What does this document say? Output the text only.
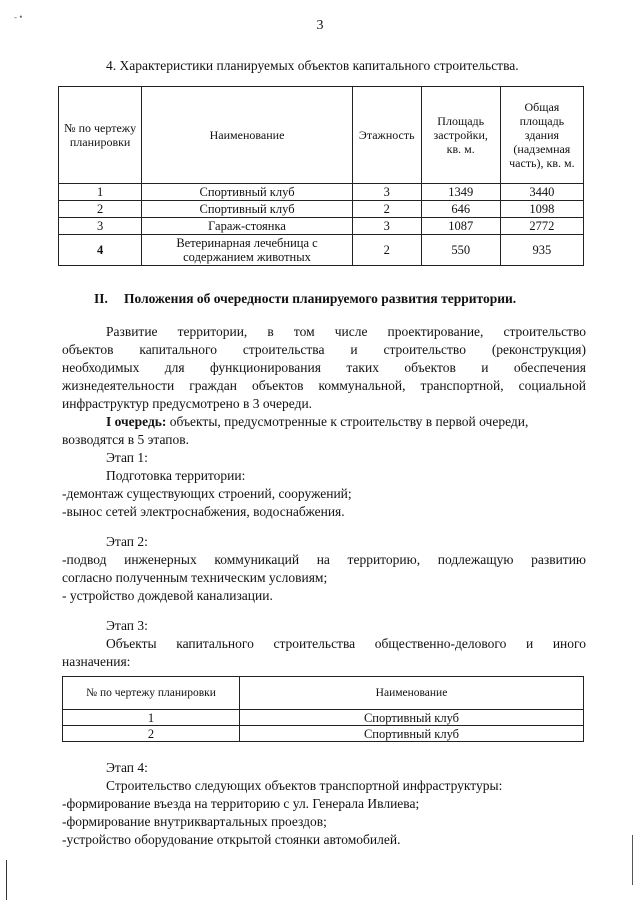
- •
3
4. Характеристики планируемых объектов капитального строительства.
№ по чертежу планировки	Наименование	Этажность	Площадь застройки, кв. м.	Общая площадь здания (надземная часть), кв. м.
1	Спортивный клуб	3	1349	3440
2	Спортивный клуб	2	646	1098
3	Гараж-стоянка	3	1087	2772
4	Ветеринарная лечебница с содержанием животных	2	550	935
II. Положения об очередности планируемого развития территории.
Развитие территории, в том числе проектирование, строительство
объектов капитального строительства и строительство (реконструкция)
необходимых для функционирования таких объектов и обеспечения
жизнедеятельности граждан объектов коммунальной, транспортной, социальной
инфраструктур предусмотрено в 3 очереди.
I очередь: объекты, предусмотренные к строительству в первой очереди,
возводятся в 5 этапов.
Этап 1:
Подготовка территории:
-демонтаж существующих строений, сооружений;
-вынос сетей электроснабжения, водоснабжения.
Этап 2:
-подвод инженерных коммуникаций на территорию, подлежащую развитию
согласно полученным техническим условиям;
- устройство дождевой канализации.
Этап 3:
Объекты капитального строительства общественно-делового и иного
назначения:
№ по чертежу планировки	Наименование
1	Спортивный клуб
2	Спортивный клуб
Этап 4:
Строительство следующих объектов транспортной инфраструктуры:
-формирование въезда на территорию с ул. Генерала Ивлиева;
-формирование внутриквартальных проездов;
-устройство оборудование открытой стоянки автомобилей.
